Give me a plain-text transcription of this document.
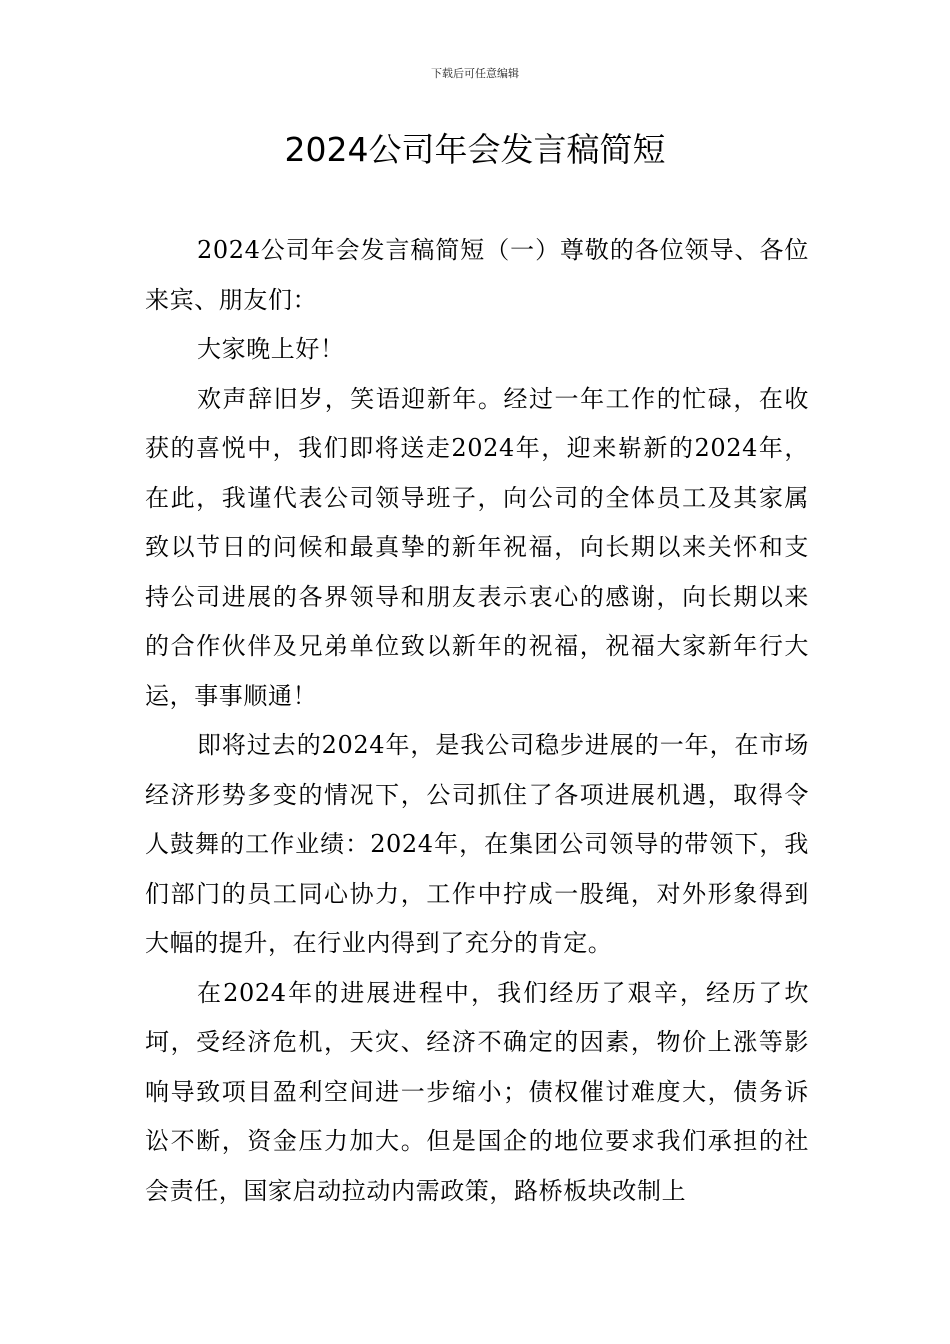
下载后可任意编辑
2024公司年会发言稿简短

2024公司年会发言稿简短（一）尊敬的各位领导、各位来宾、朋友们：

大家晚上好！

欢声辞旧岁，笑语迎新年。经过一年工作的忙碌，在收获的喜悦中，我们即将送走2024年，迎来崭新的2024年，在此，我谨代表公司领导班子，向公司的全体员工及其家属致以节日的问候和最真挚的新年祝福，向长期以来关怀和支持公司进展的各界领导和朋友表示衷心的感谢，向长期以来的合作伙伴及兄弟单位致以新年的祝福，祝福大家新年行大运，事事顺通！

即将过去的2024年，是我公司稳步进展的一年，在市场经济形势多变的情况下，公司抓住了各项进展机遇，取得令人鼓舞的工作业绩：2024年，在集团公司领导的带领下，我们部门的员工同心协力，工作中拧成一股绳，对外形象得到大幅的提升，在行业内得到了充分的肯定。

在2024年的进展进程中，我们经历了艰辛，经历了坎坷，受经济危机，天灾、经济不确定的因素，物价上涨等影响导致项目盈利空间进一步缩小；债权催讨难度大，债务诉讼不断，资金压力加大。但是国企的地位要求我们承担的社会责任，国家启动拉动内需政策，路桥板块改制上
